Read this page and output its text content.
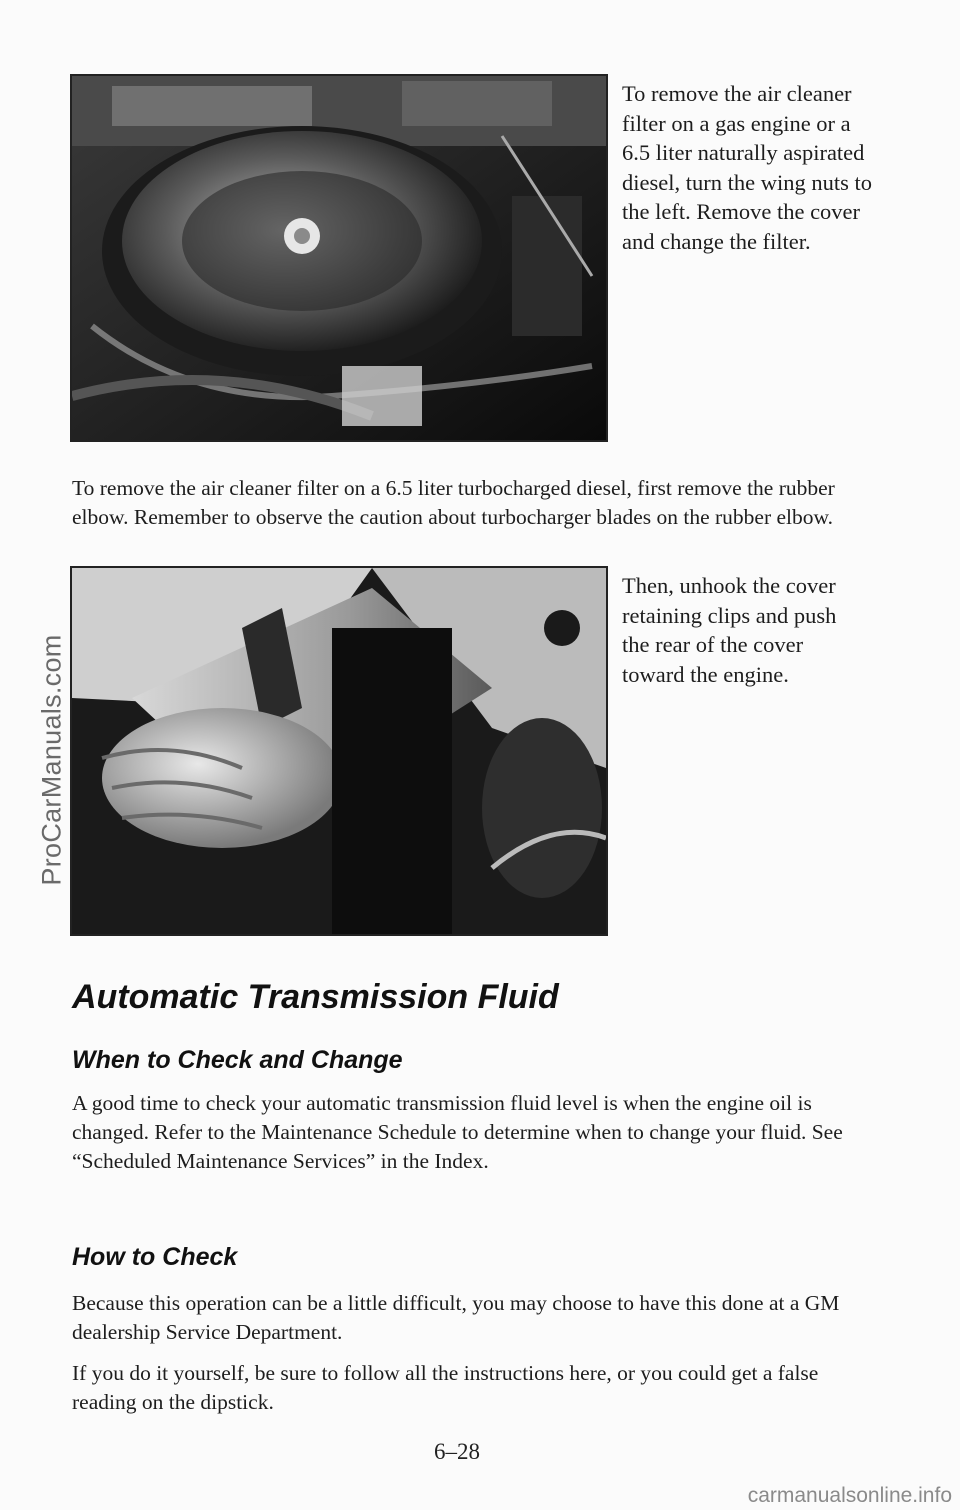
ProCarManuals.com
To remove the air cleaner filter on a gas engine or a 6.5 liter naturally aspirated diesel, turn the wing nuts to the left. Remove the cover and change the filter.
To remove the air cleaner filter on a 6.5 liter turbocharged diesel, first remove the rubber elbow. Remember to observe the caution about turbocharger blades on the rubber elbow.
Then, unhook the cover retaining clips and push the rear of the cover toward the engine.
Automatic Transmission Fluid
When to Check and Change
A good time to check your automatic transmission fluid level is when the engine oil is changed. Refer to the Maintenance Schedule to determine when to change your fluid. See “Scheduled Maintenance Services” in the Index.
How to Check
Because this operation can be a little difficult, you may choose to have this done at a GM dealership Service Department.
If you do it yourself, be sure to follow all the instructions here, or you could get a false reading on the dipstick.
6–28
carmanualsonline.info
